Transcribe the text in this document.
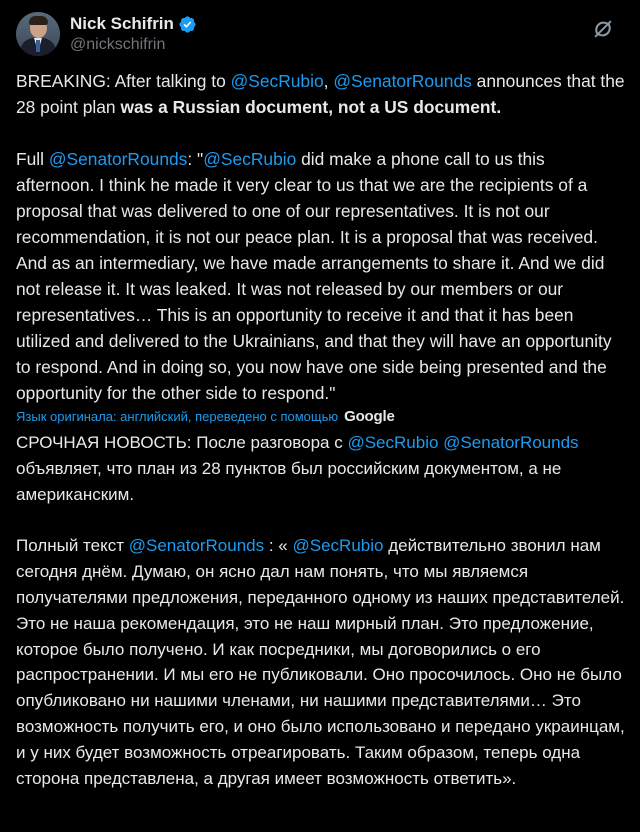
Nick Schifrin
@nickschifrin

BREAKING: After talking to @SecRubio, @SenatorRounds announces that the 28 point plan was a Russian document, not a US document.

Full @SenatorRounds: "@SecRubio did make a phone call to us this afternoon. I think he made it very clear to us that we are the recipients of a proposal that was delivered to one of our representatives. It is not our recommendation, it is not our peace plan. It is a proposal that was received. And as an intermediary, we have made arrangements to share it. And we did not release it. It was leaked. It was not released by our members or our representatives… This is an opportunity to receive it and that it has been utilized and delivered to the Ukrainians, and that they will have an opportunity to respond. And in doing so, you now have one side being presented and the opportunity for the other side to respond."

Язык оригинала: английский, переведено с помощью Google

СРОЧНАЯ НОВОСТЬ: После разговора с @SecRubio @SenatorRounds объявляет, что план из 28 пунктов был российским документом, а не американским.

Полный текст @SenatorRounds : « @SecRubio действительно звонил нам сегодня днём. Думаю, он ясно дал нам понять, что мы являемся получателями предложения, переданного одному из наших представителей. Это не наша рекомендация, это не наш мирный план. Это предложение, которое было получено. И как посредники, мы договорились о его распространении. И мы его не публиковали. Оно просочилось. Оно не было опубликовано ни нашими членами, ни нашими представителями… Это возможность получить его, и оно было использовано и передано украинцам, и у них будет возможность отреагировать. Таким образом, теперь одна сторона представлена, а другая имеет возможность ответить».
